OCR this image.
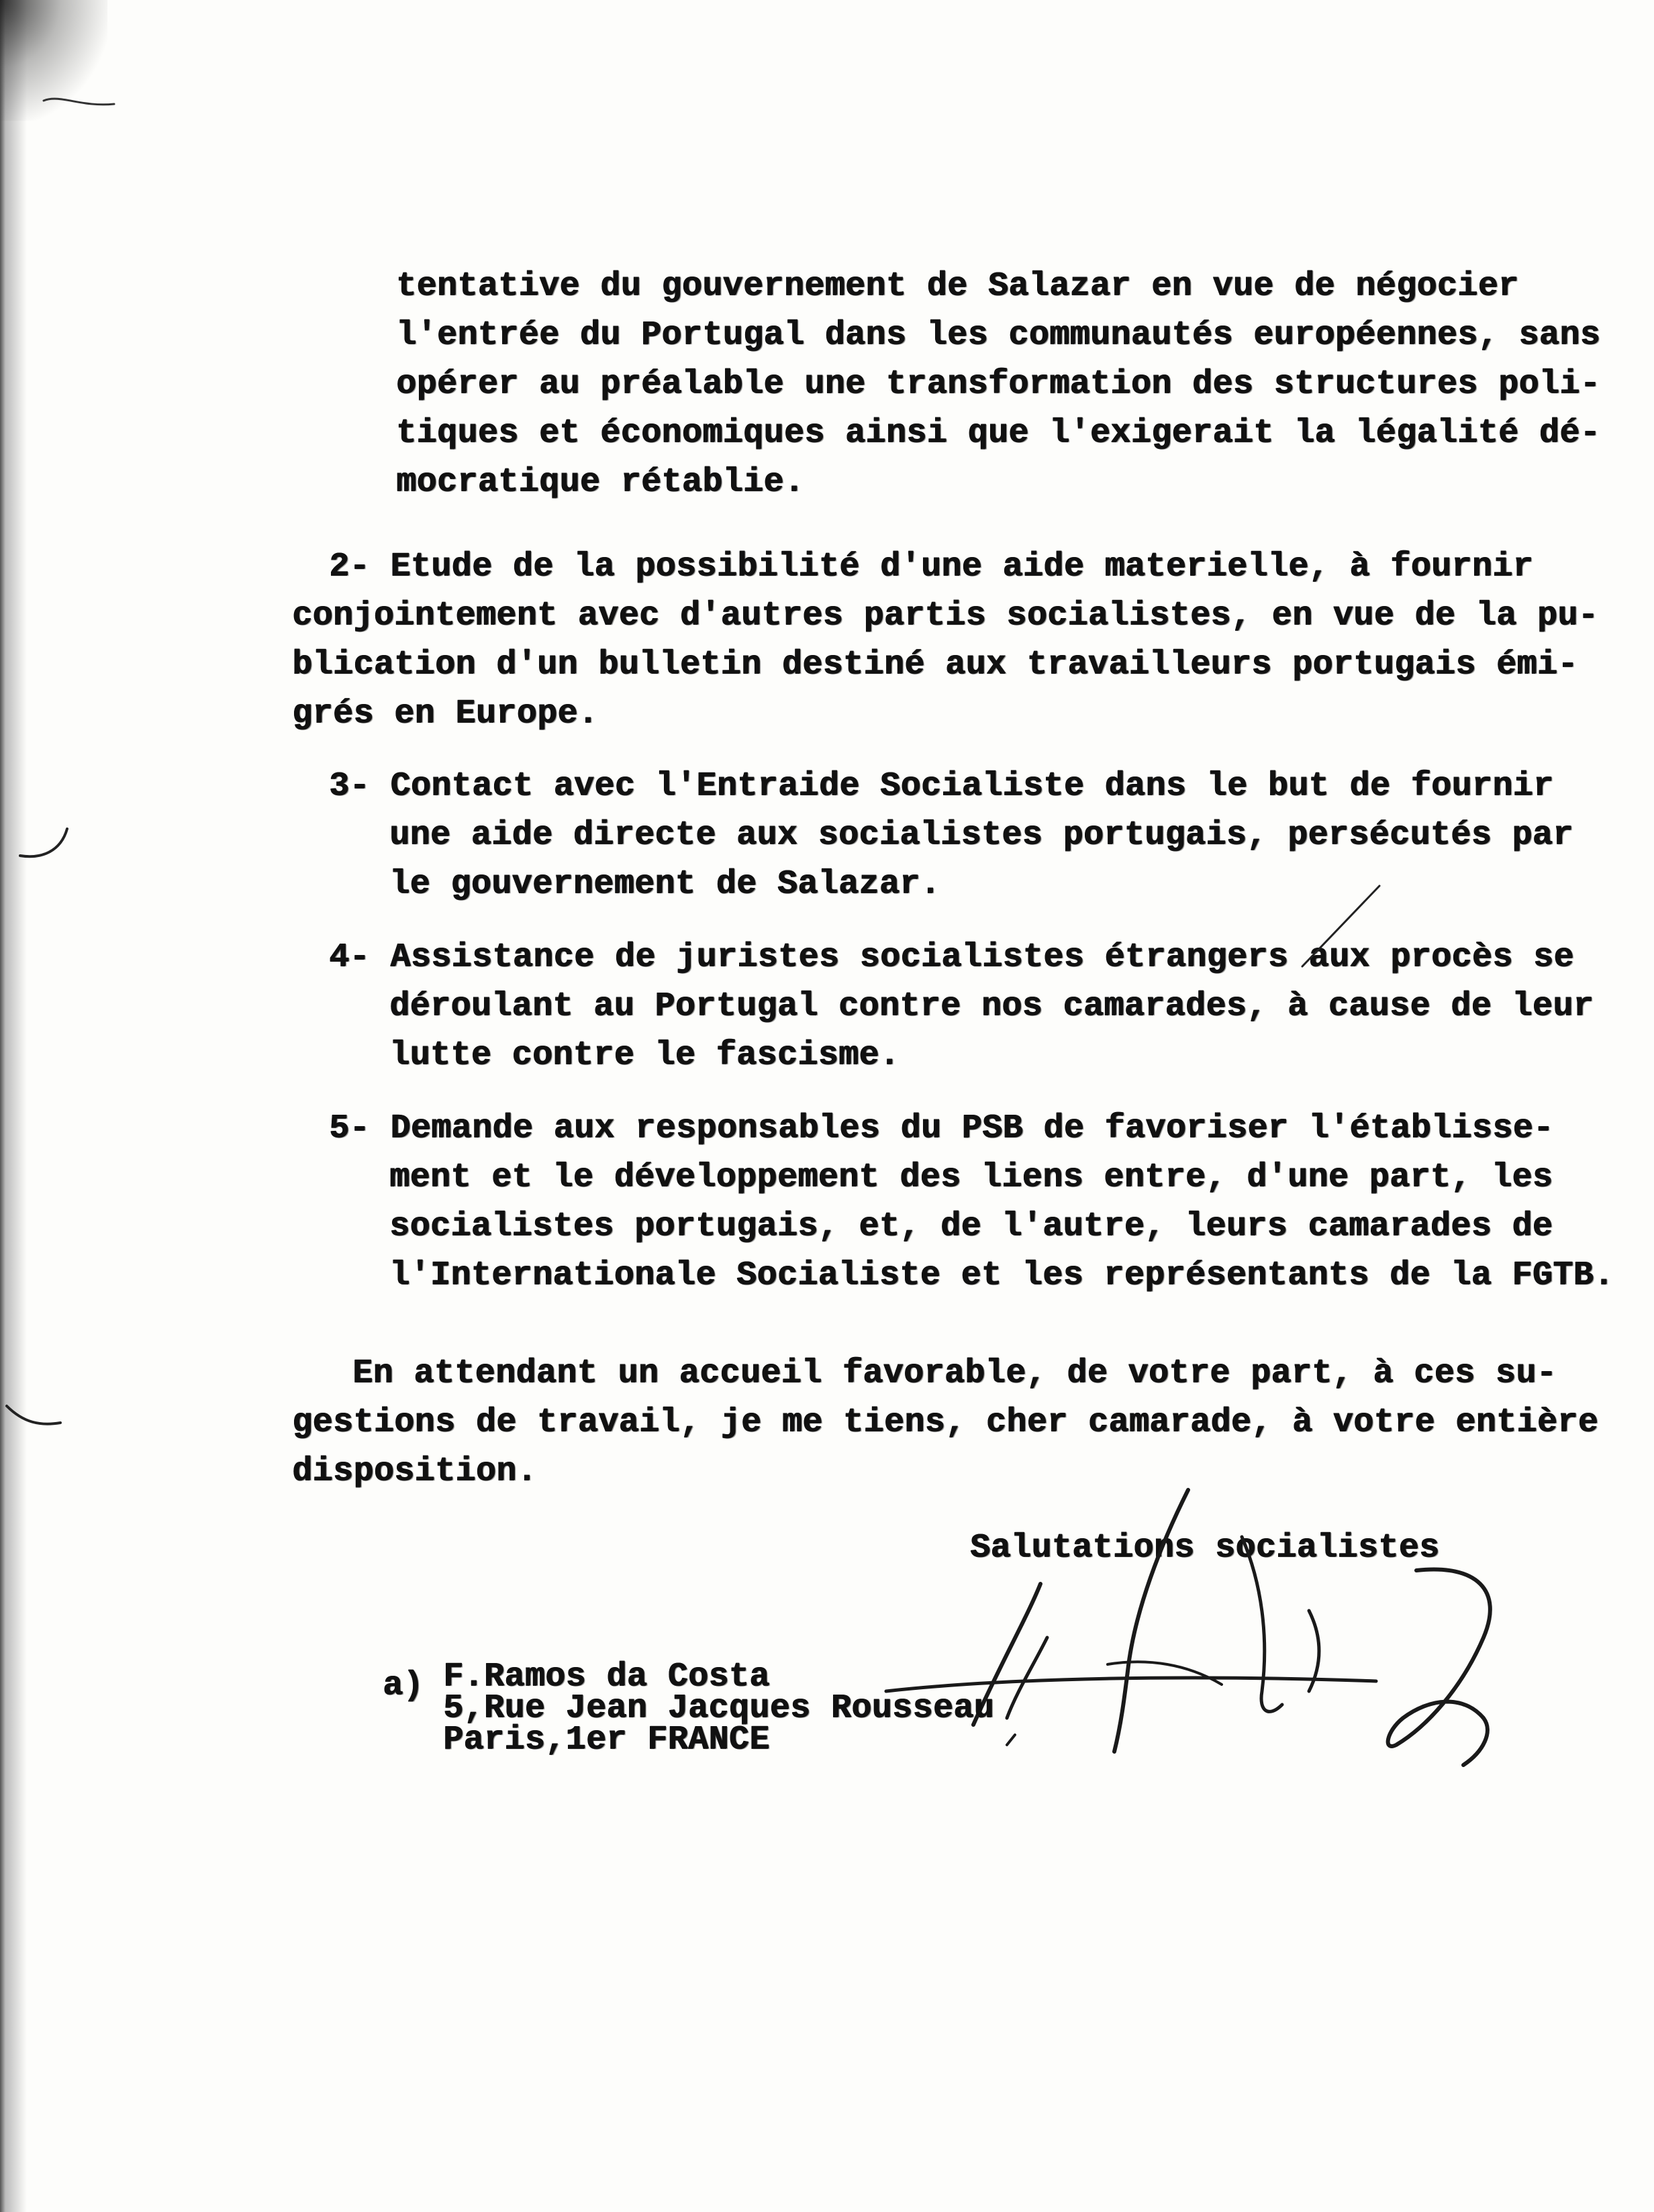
tentative du gouvernement de Salazar en vue de négocier
l'entrée du Portugal dans les communautés européennes, sans
opérer au préalable une transformation des structures poli-
tiques et économiques ainsi que l'exigerait la légalité dé-
mocratique rétablie.
2- Etude de la possibilité d'une aide materielle, à fournir
conjointement avec d'autres partis socialistes, en vue de la pu-
blication d'un bulletin destiné aux travailleurs portugais émi-
grés en Europe.
3- Contact avec l'Entraide Socialiste dans le but de fournir
une aide directe aux socialistes portugais, persécutés par
le gouvernement de Salazar.
4- Assistance de juristes socialistes étrangers aux procès se
déroulant au Portugal contre nos camarades, à cause de leur
lutte contre le fascisme.
5- Demande aux responsables du PSB de favoriser l'établisse-
ment et le développement des liens entre, d'une part, les
socialistes portugais, et, de l'autre, leurs camarades de
l'Internationale Socialiste et les représentants de la FGTB.
En attendant un accueil favorable, de votre part, à ces su-
gestions de travail, je me tiens, cher camarade, à votre entière
disposition.
Salutations socialistes
a) F.Ramos da Costa
5,Rue Jean Jacques Rousseau
Paris,1er FRANCE
